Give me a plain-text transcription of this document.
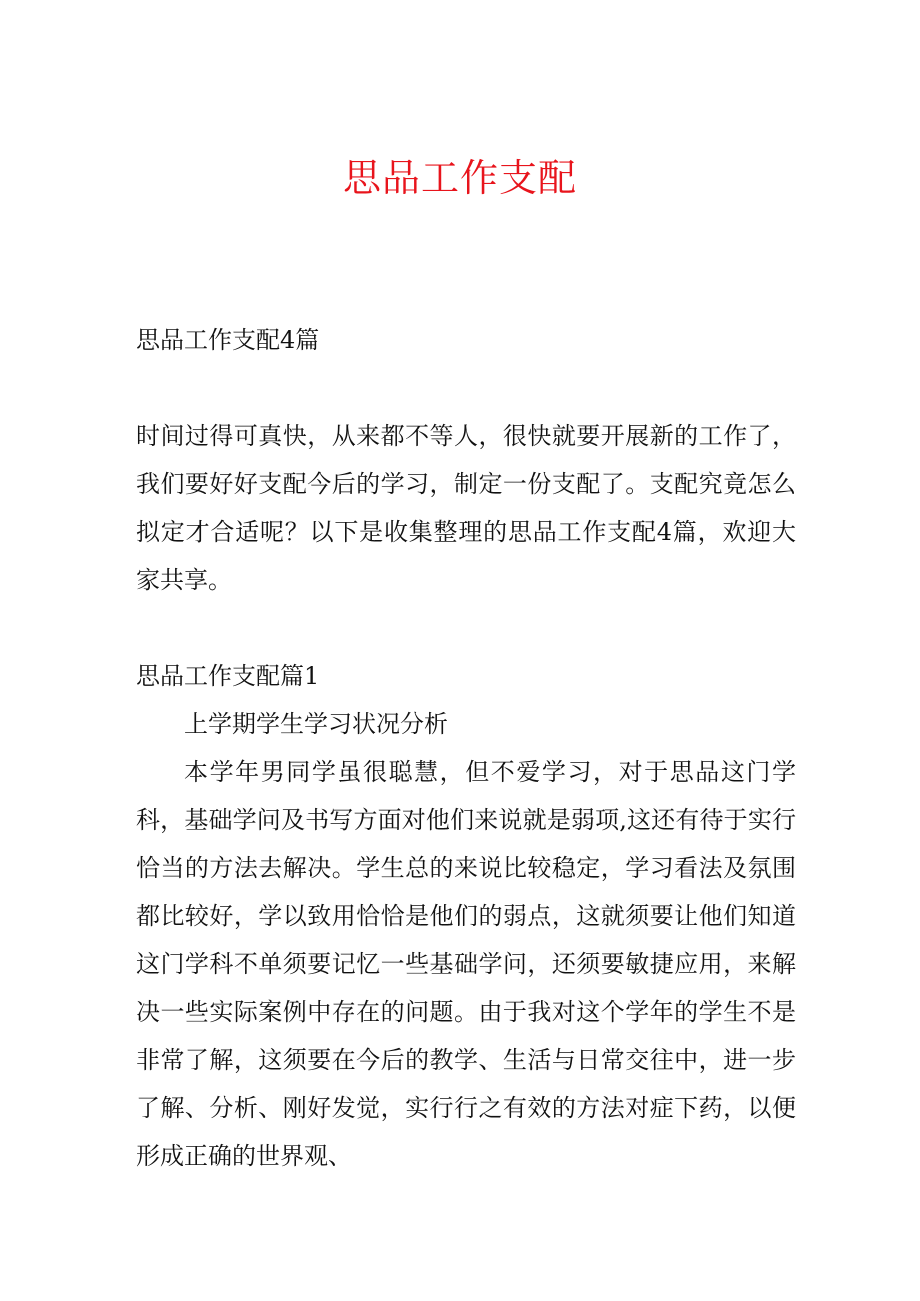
思品工作支配
思品工作支配4篇

时间过得可真快，从来都不等人，很快就要开展新的工作了，我们要好好支配今后的学习，制定一份支配了。支配究竟怎么拟定才合适呢？以下是收集整理的思品工作支配4篇，欢迎大家共享。

思品工作支配篇1

上学期学生学习状况分析

本学年男同学虽很聪慧，但不爱学习，对于思品这门学科，基础学问及书写方面对他们来说就是弱项,这还有待于实行恰当的方法去解决。学生总的来说比较稳定，学习看法及氛围都比较好，学以致用恰恰是他们的弱点，这就须要让他们知道这门学科不单须要记忆一些基础学问，还须要敏捷应用，来解决一些实际案例中存在的问题。由于我对这个学年的学生不是非常了解，这须要在今后的教学、生活与日常交往中，进一步了解、分析、刚好发觉，实行行之有效的方法对症下药，以便形成正确的世界观、
